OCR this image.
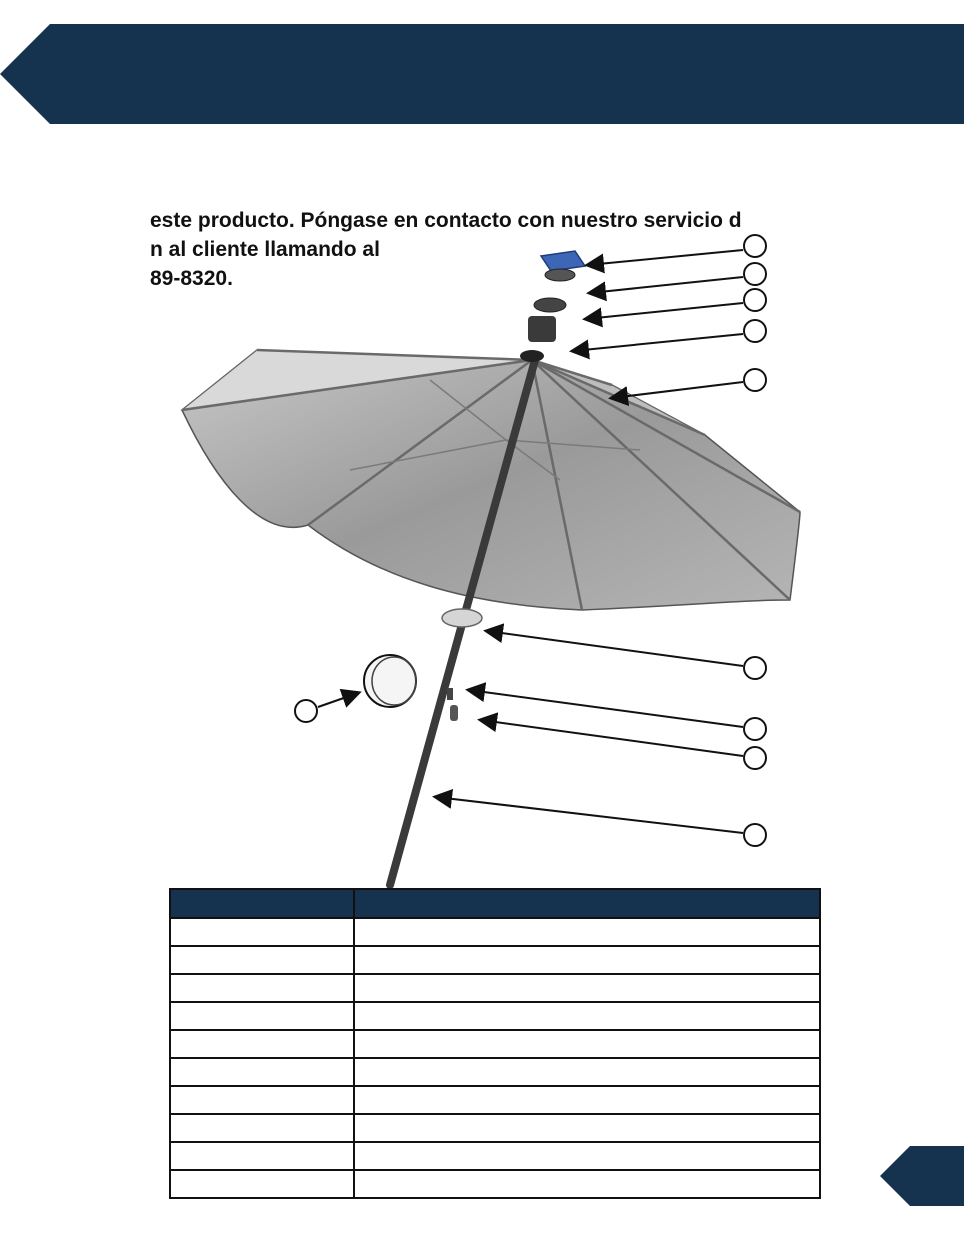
este producto. Póngase en contacto con nuestro servicio d
n al cliente llamando al
89-8320.
